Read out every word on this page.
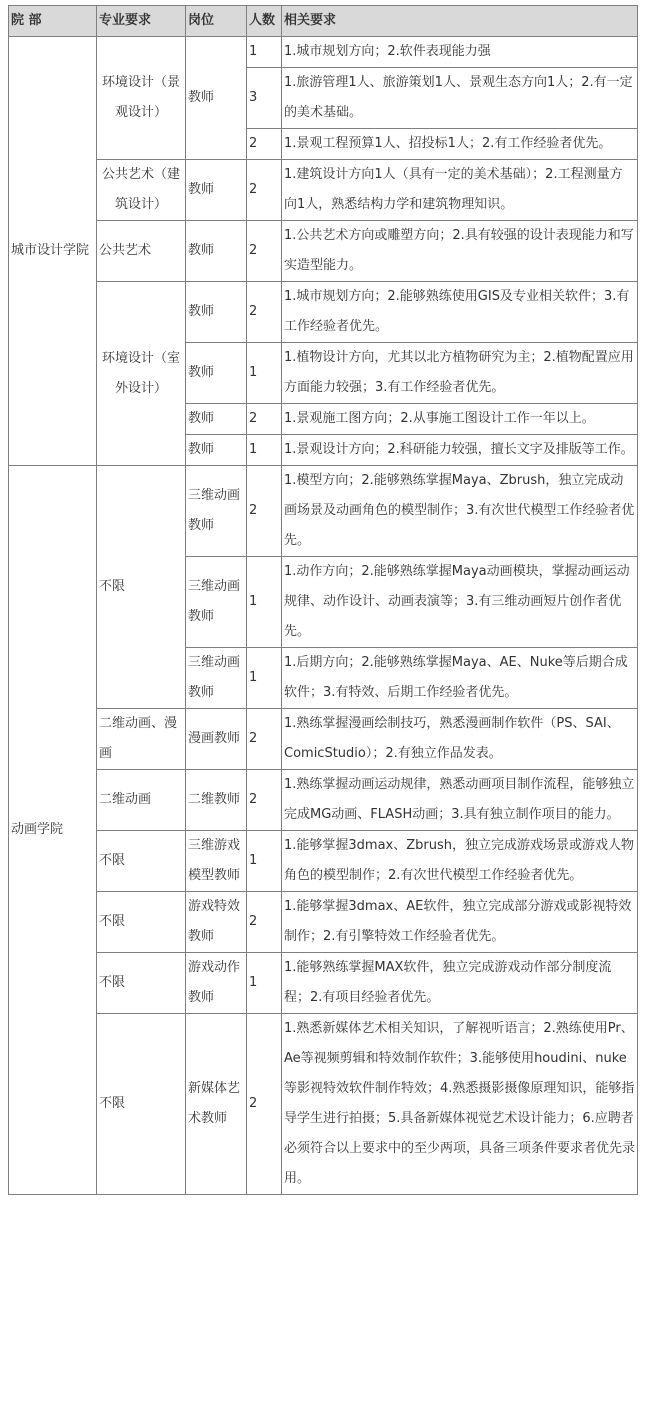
院 部	专业要求	岗位	人数	相关要求
城市设计学院	环境设计（景观设计）	教师	1	1.城市规划方向；2.软件表现能力强
			3	1.旅游管理1人、旅游策划1人、景观生态方向1人；2.有一定的美术基础。
			2	1.景观工程预算1人、招投标1人；2.有工作经验者优先。
	公共艺术（建筑设计）	教师	2	1.建筑设计方向1人（具有一定的美术基础）；2.工程测量方向1人，熟悉结构力学和建筑物理知识。
	公共艺术	教师	2	1.公共艺术方向或雕塑方向；2.具有较强的设计表现能力和写实造型能力。
	环境设计（室外设计）	教师	2	1.城市规划方向；2.能够熟练使用GIS及专业相关软件；3.有工作经验者优先。
		教师	1	1.植物设计方向，尤其以北方植物研究为主；2.植物配置应用方面能力较强；3.有工作经验者优先。
		教师	2	1.景观施工图方向；2.从事施工图设计工作一年以上。
		教师	1	1.景观设计方向；2.科研能力较强，擅长文字及排版等工作。
动画学院	不限	三维动画教师	2	1.模型方向；2.能够熟练掌握Maya、Zbrush，独立完成动画场景及动画角色的模型制作；3.有次世代模型工作经验者优先。
		三维动画教师	1	1.动作方向；2.能够熟练掌握Maya动画模块，掌握动画运动规律、动作设计、动画表演等；3.有三维动画短片创作者优先。
		三维动画教师	1	1.后期方向；2.能够熟练掌握Maya、AE、Nuke等后期合成软件；3.有特效、后期工作经验者优先。
	二维动画、漫画	漫画教师	2	1.熟练掌握漫画绘制技巧，熟悉漫画制作软件（PS、SAI、ComicStudio）；2.有独立作品发表。
	二维动画	二维教师	2	1.熟练掌握动画运动规律，熟悉动画项目制作流程，能够独立完成MG动画、FLASH动画；3.具有独立制作项目的能力。
	不限	三维游戏模型教师	1	1.能够掌握3dmax、Zbrush，独立完成游戏场景或游戏人物角色的模型制作；2.有次世代模型工作经验者优先。
	不限	游戏特效教师	2	1.能够掌握3dmax、AE软件，独立完成部分游戏或影视特效制作；2.有引擎特效工作经验者优先。
	不限	游戏动作教师	1	1.能够熟练掌握MAX软件，独立完成游戏动作部分制度流程；2.有项目经验者优先。
	不限	新媒体艺术教师	2	1.熟悉新媒体艺术相关知识，了解视听语言；2.熟练使用Pr、Ae等视频剪辑和特效制作软件；3.能够使用houdini、nuke等影视特效软件制作特效；4.熟悉摄影摄像原理知识，能够指导学生进行拍摄；5.具备新媒体视觉艺术设计能力；6.应聘者必须符合以上要求中的至少两项，具备三项条件要求者优先录用。
